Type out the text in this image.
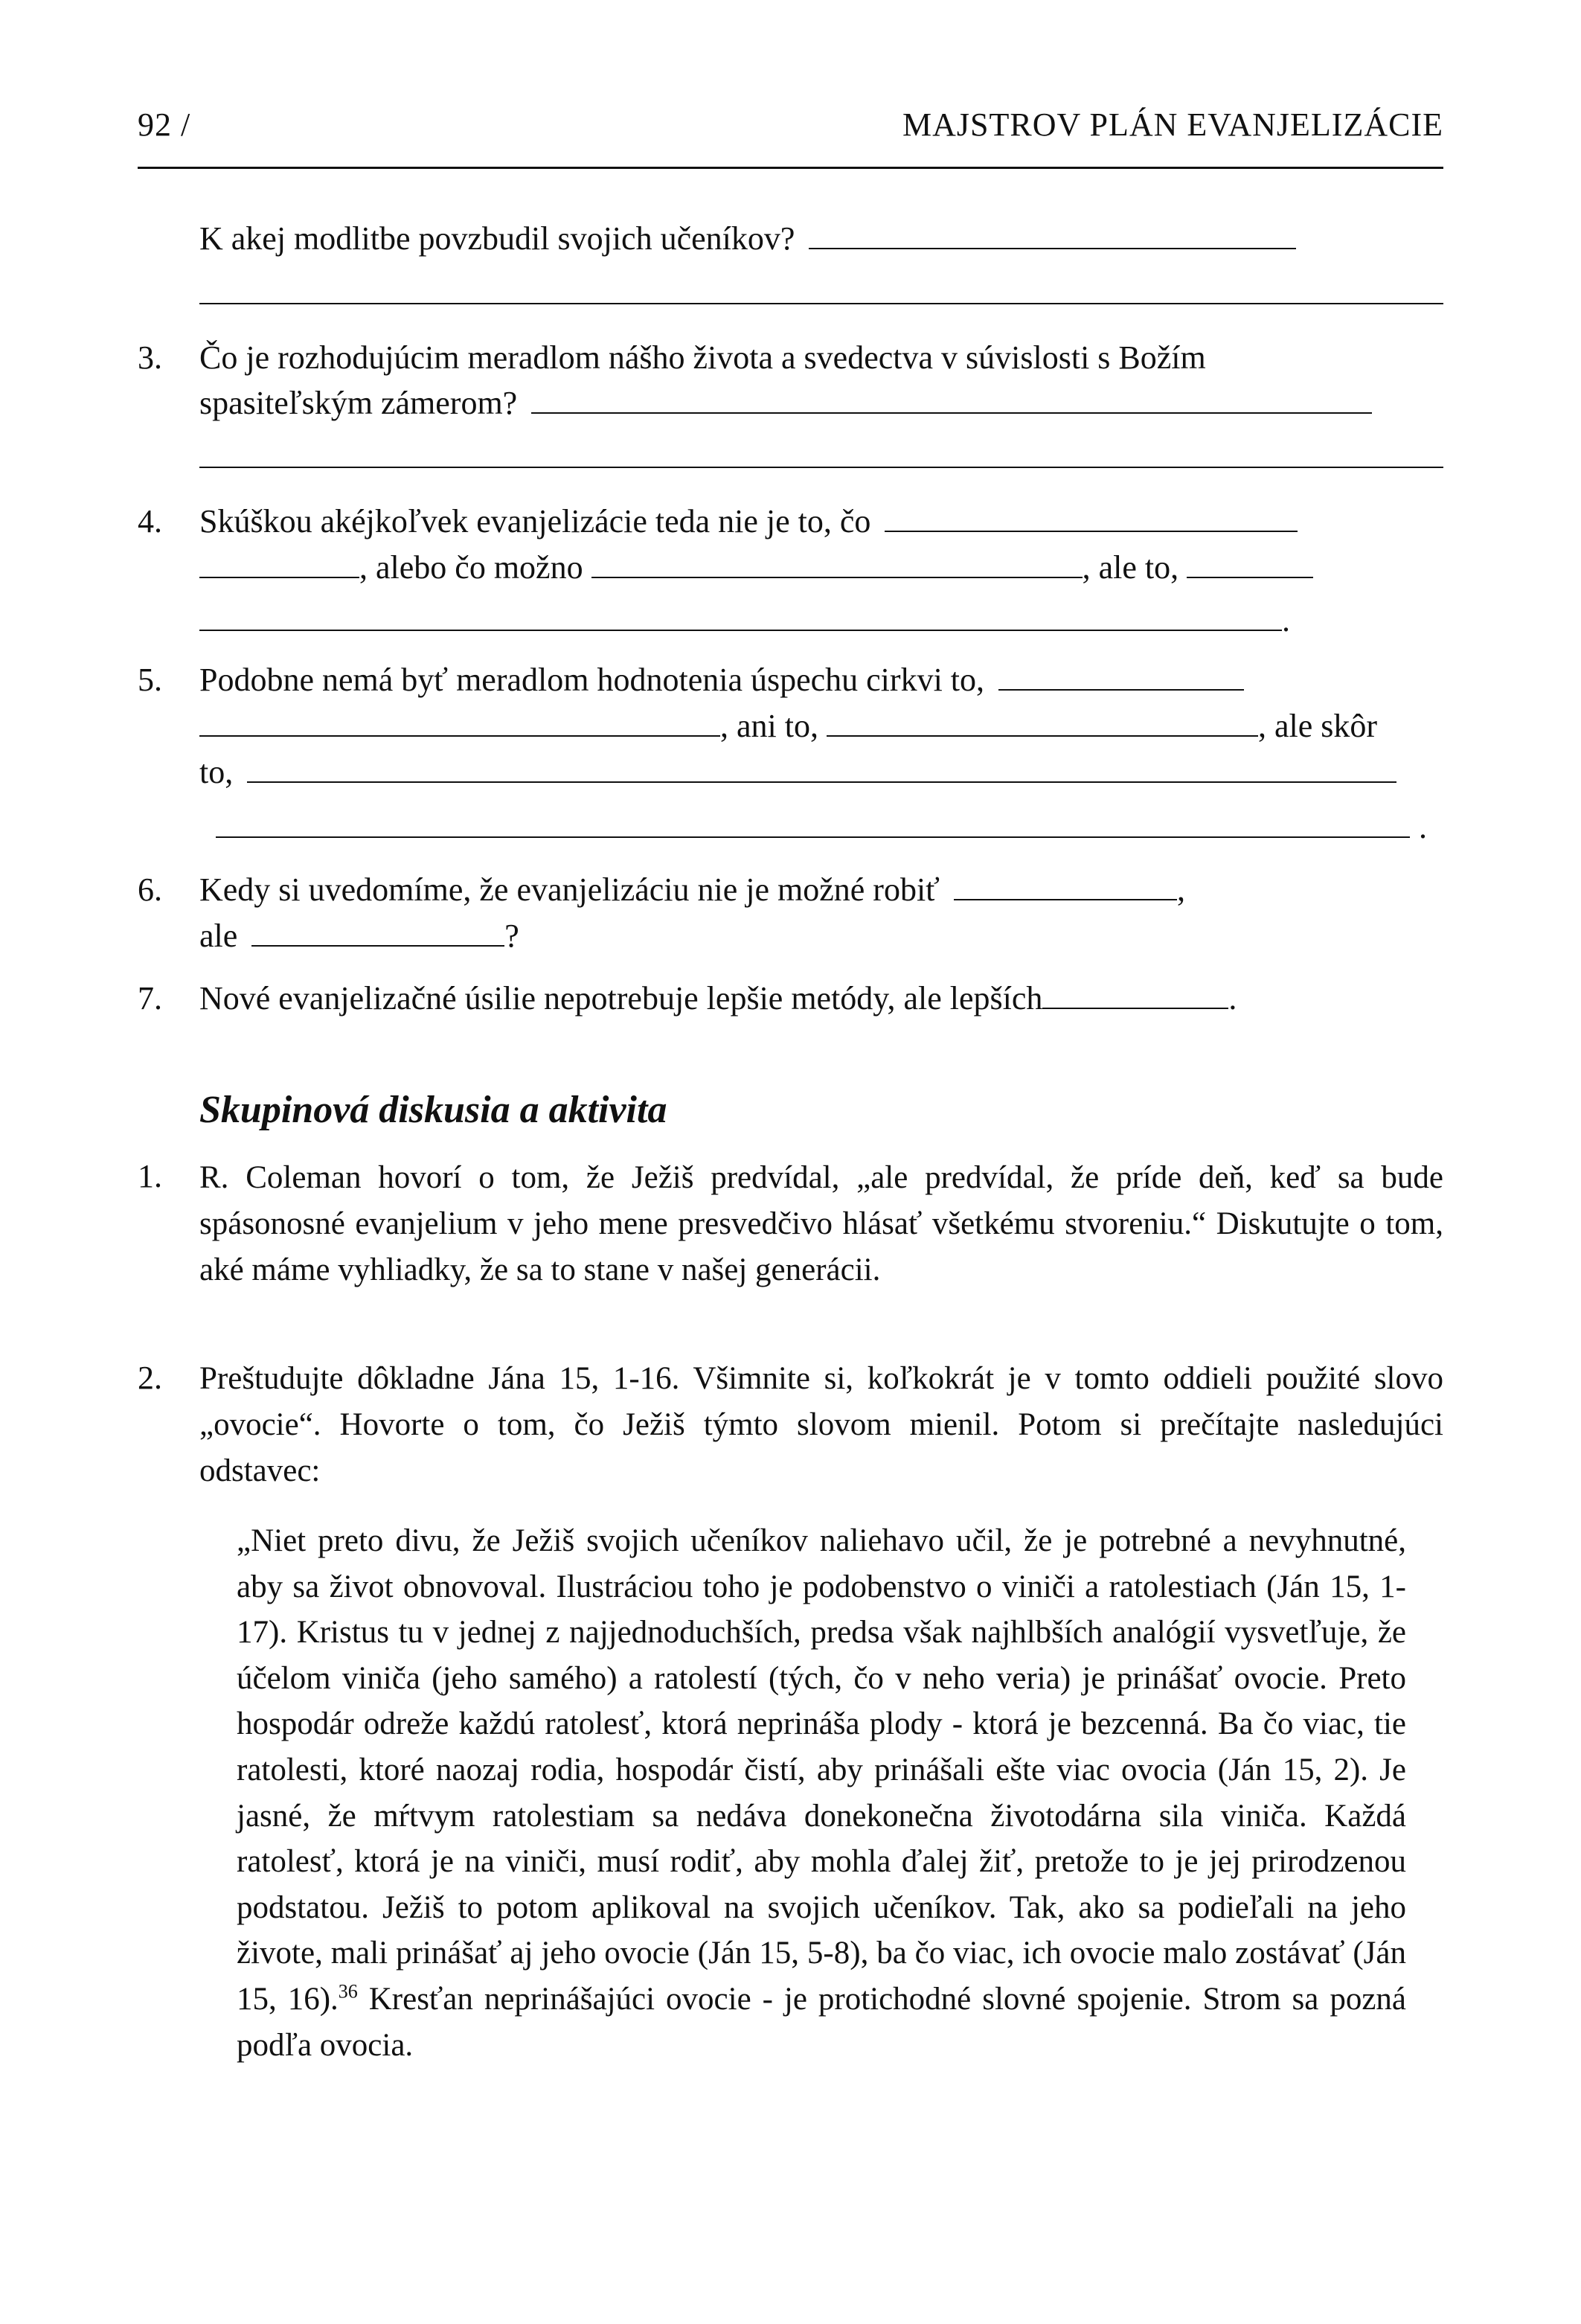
92 /	MAJSTROV PLÁN EVANJELIZÁCIE
K akej modlitbe povzbudil svojich učeníkov?
3. Čo je rozhodujúcim meradlom nášho života a svedectva v súvislosti s Božím
spasiteľským zámerom?
4. Skúškou akéjkoľvek evanjelizácie teda nie je to, čo
, alebo čo možno	, ale to,
.
5. Podobne nemá byť meradlom hodnotenia úspechu cirkvi to,
, ani to,	, ale skôr
to,
.
6. Kedy si uvedomíme, že evanjelizáciu nie je možné robiť	,
ale	?
7. Nové evanjelizačné úsilie nepotrebuje lepšie metódy, ale lepších	.
Skupinová diskusia a aktivita
1. R. Coleman hovorí o tom, že Ježiš predvídal, „ale predvídal, že príde deň, keď sa bude spásonosné evanjelium v jeho mene presvedčivo hlásať všetkému stvoreniu.“ Diskutujte o tom, aké máme vyhliadky, že sa to stane v našej generácii.
2. Preštudujte dôkladne Jána 15, 1-16. Všimnite si, koľkokrát je v tomto oddieli použité slovo „ovocie“. Hovorte o tom, čo Ježiš týmto slovom mienil. Potom si prečítajte nasledujúci odstavec:
„Niet preto divu, že Ježiš svojich učeníkov naliehavo učil, že je potrebné a nevyhnutné, aby sa život obnovoval. Ilustráciou toho je podobenstvo o viniči a ratolestiach (Ján 15, 1-17). Kristus tu v jednej z najjednoduchších, predsa však najhlbších analógií vysvetľuje, že účelom viniča (jeho samého) a ratolestí (tých, čo v neho veria) je prinášať ovocie. Preto hospodár odreže každú ratolesť, ktorá neprináša plody - ktorá je bezcenná. Ba čo viac, tie ratolesti, ktoré naozaj rodia, hospodár čistí, aby prinášali ešte viac ovocia (Ján 15, 2). Je jasné, že mŕtvym ratolestiam sa nedáva donekonečna životodárna sila viniča. Každá ratolesť, ktorá je na viniči, musí rodiť, aby mohla ďalej žiť, pretože to je jej prirodzenou podstatou. Ježiš to potom aplikoval na svojich učeníkov. Tak, ako sa podieľali na jeho živote, mali prinášať aj jeho ovocie (Ján 15, 5-8), ba čo viac, ich ovocie malo zostávať (Ján 15, 16).$^{36}$ Kresťan neprinášajúci ovocie - je protichodné slovné spojenie. Strom sa pozná podľa ovocia.
